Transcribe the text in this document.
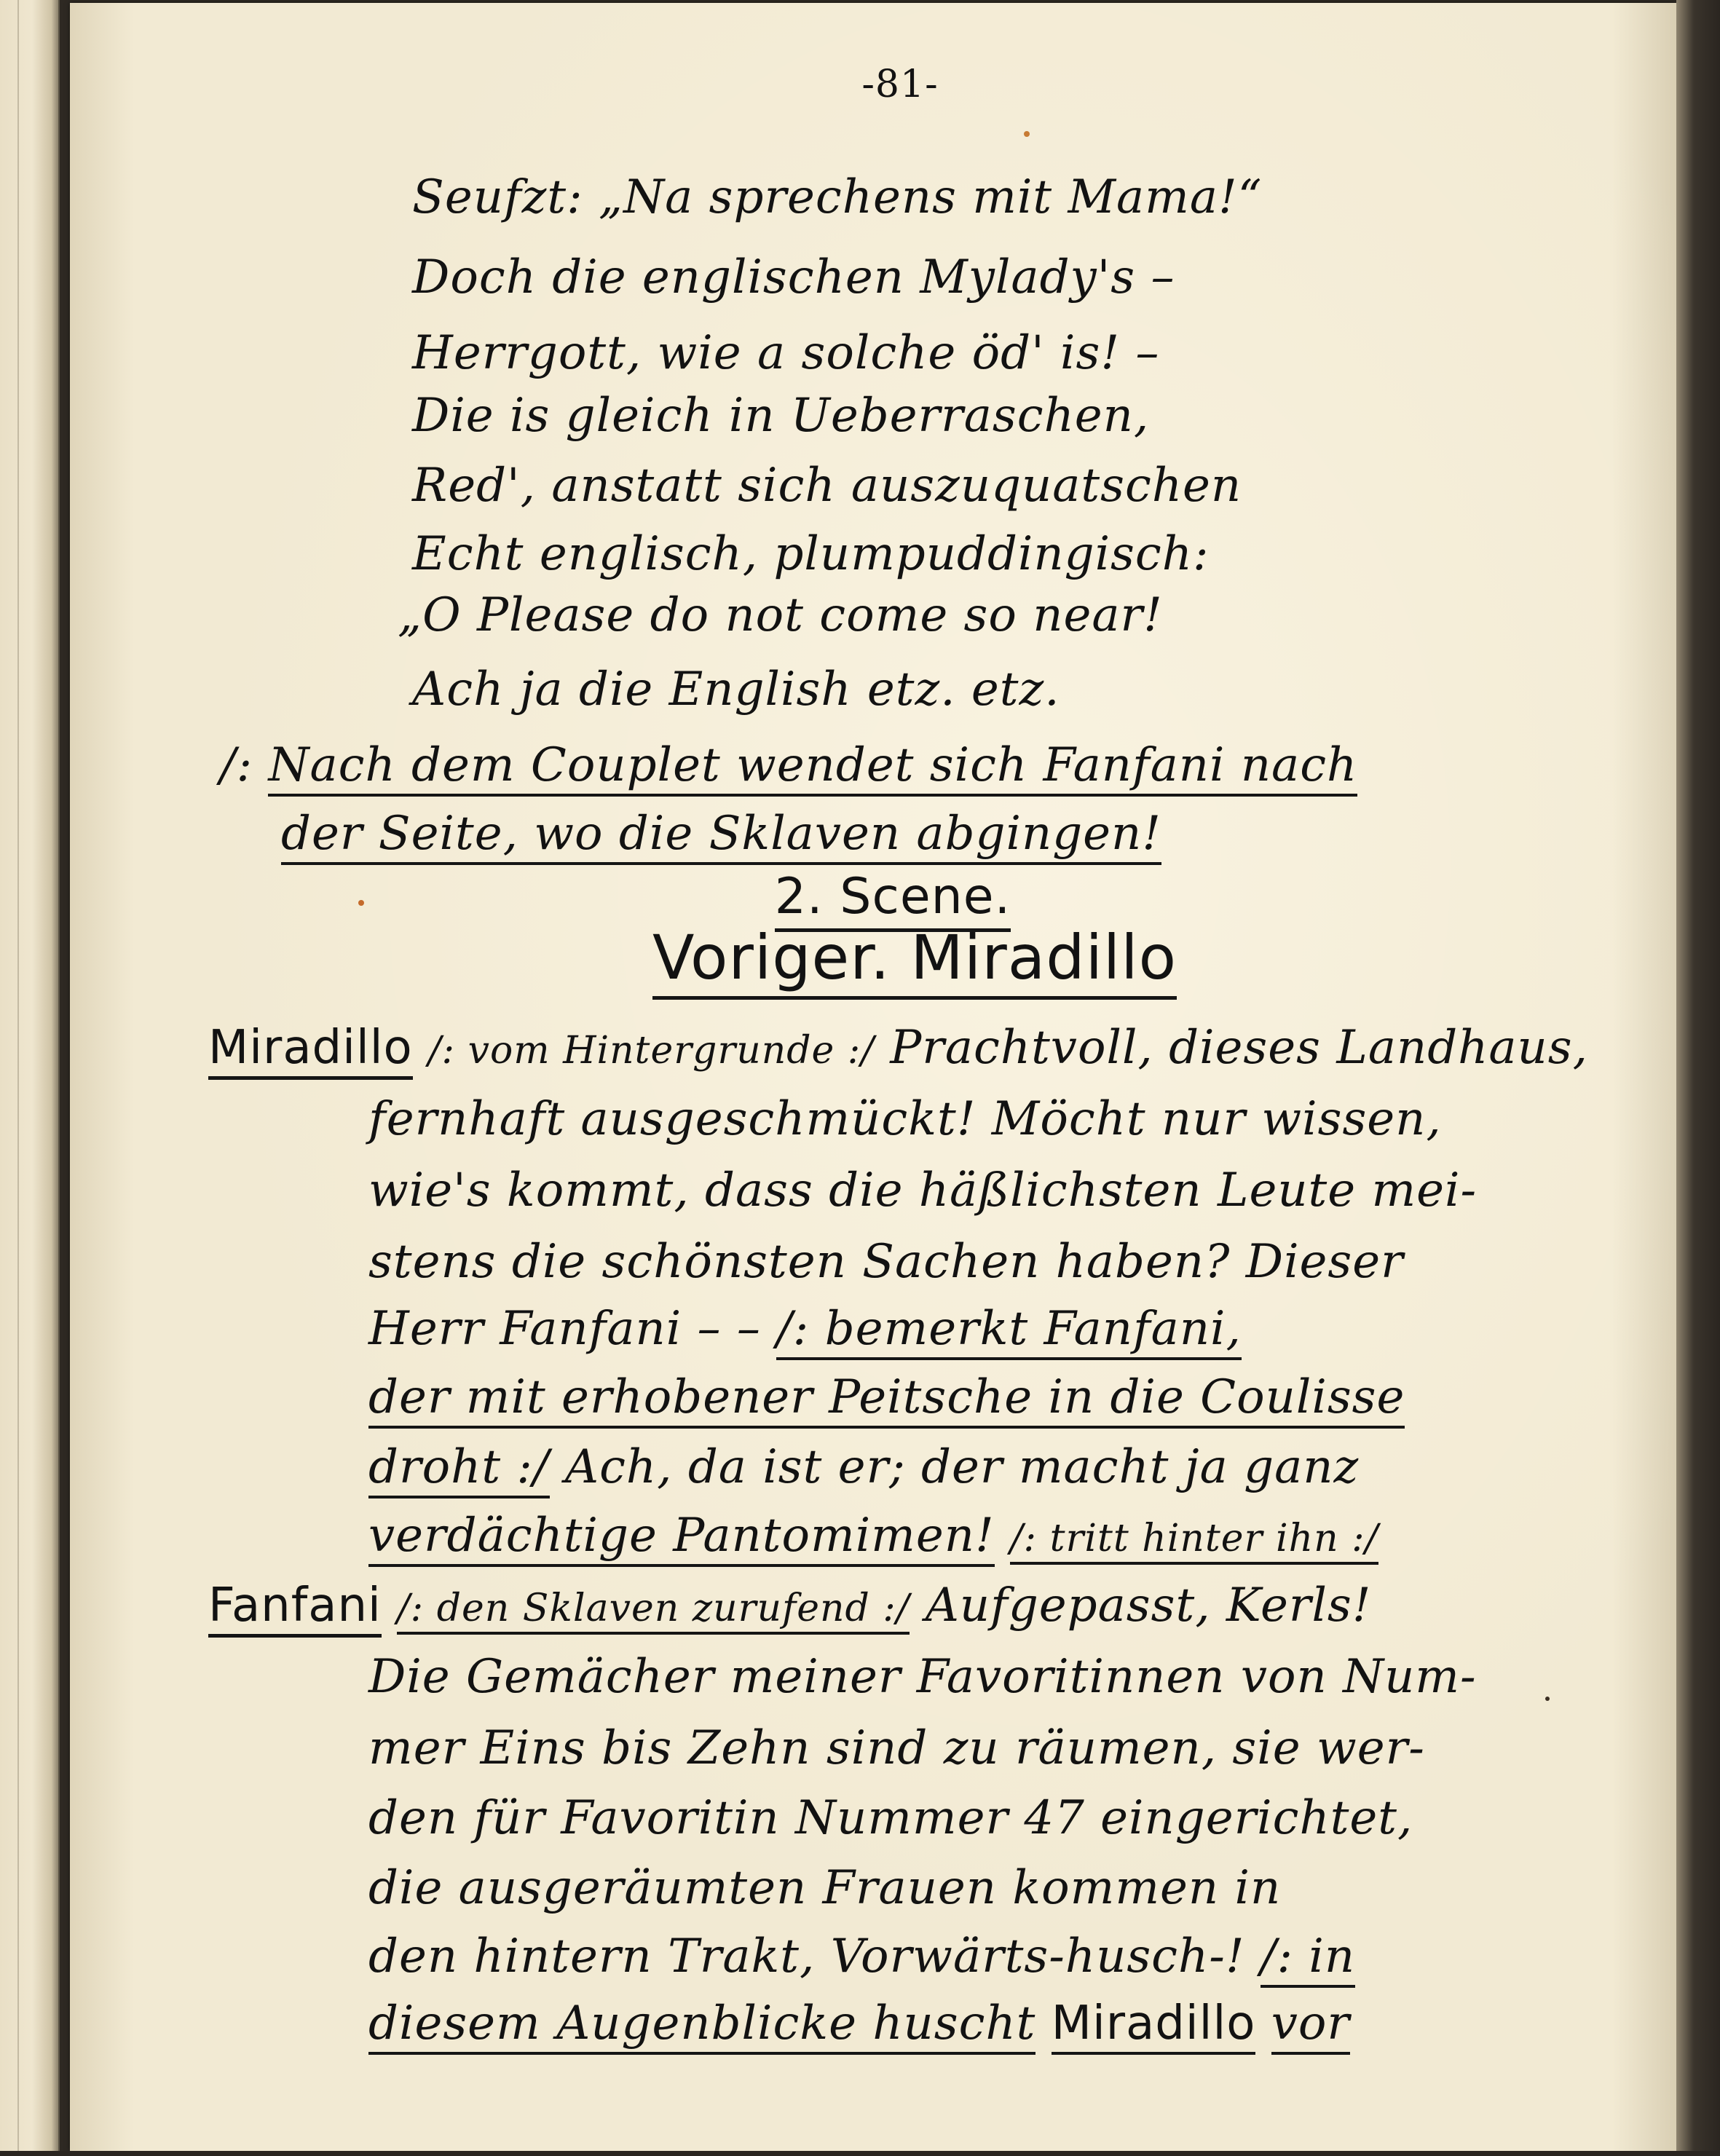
-81-
Seufzt: „Na sprechens mit Mama!“
Doch die englischen Mylady's –
Herrgott, wie a solche öd' is! –
Die is gleich in Ueberraschen,
Red', anstatt sich auszuquatschen
Echt englisch, plumpuddingisch:
„O Please do not come so near!
Ach ja die English etz. etz.
/: Nach dem Couplet wendet sich Fanfani nach
der Seite, wo die Sklaven abgingen!
2. Scene.
Voriger. Miradillo
Miradillo /: vom Hintergrunde :/ Prachtvoll, dieses Landhaus,
fernhaft ausgeschmückt! Möcht nur wissen,
wie's kommt, dass die häßlichsten Leute mei-
stens die schönsten Sachen haben? Dieser
Herr Fanfani – – /: bemerkt Fanfani,
der mit erhobener Peitsche in die Coulisse
droht :/ Ach, da ist er; der macht ja ganz
verdächtige Pantomimen! /: tritt hinter ihn :/
Fanfani /: den Sklaven zurufend :/ Aufgepasst, Kerls!
Die Gemächer meiner Favoritinnen von Num-
mer Eins bis Zehn sind zu räumen, sie wer-
den für Favoritin Nummer 47 eingerichtet,
die ausgeräumten Frauen kommen in
den hintern Trakt, Vorwärts-husch-! /: in
diesem Augenblicke huscht Miradillo vor
